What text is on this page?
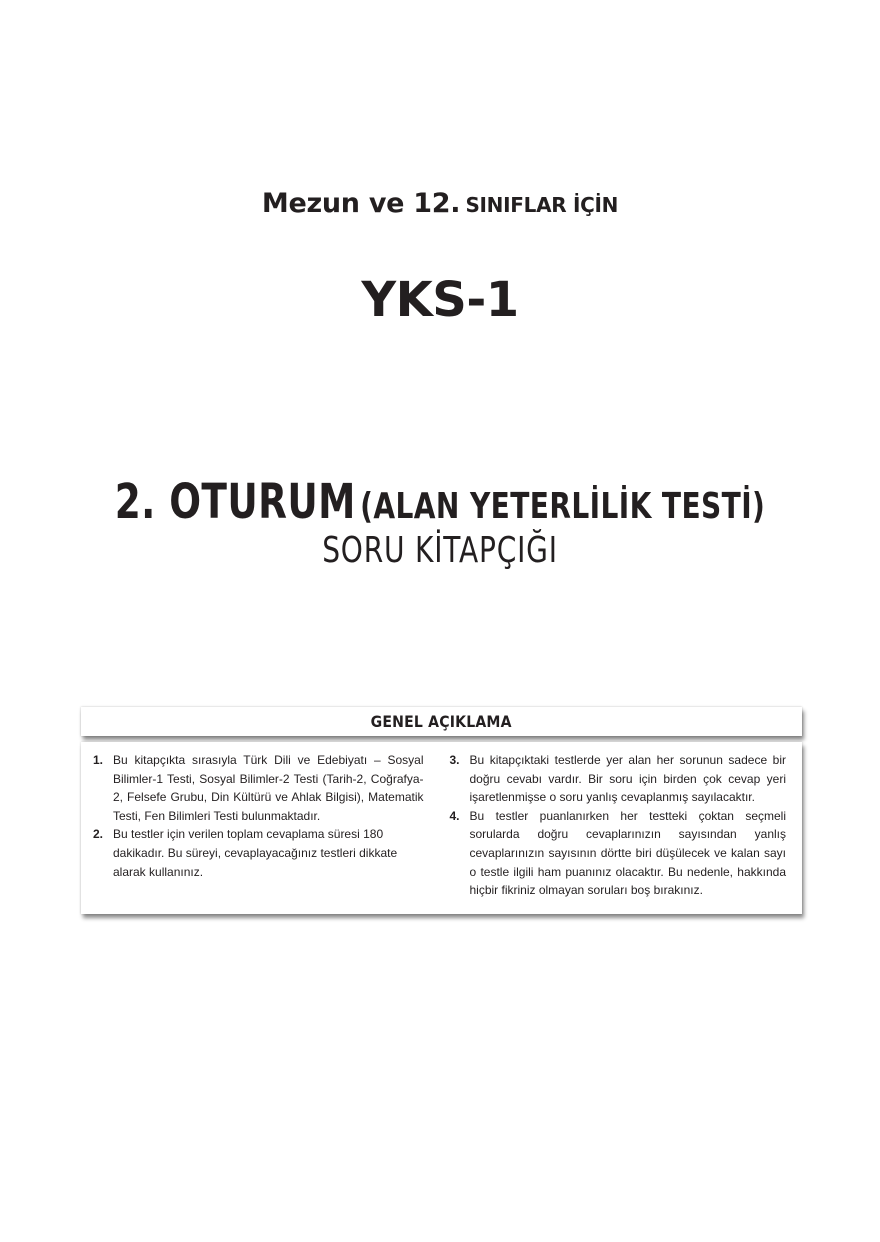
Mezun ve 12. SINIFLAR İÇİN
YKS-1
2. OTURUM (ALAN YETERLİLİK TESTİ)
SORU KİTAPÇIĞI
GENEL AÇIKLAMA
1. Bu kitapçıkta sırasıyla Türk Dili ve Edebiyatı – Sosyal Bilimler-1 Testi, Sosyal Bilimler-2 Testi (Tarih-2, Coğrafya-2, Felsefe Grubu, Din Kültürü ve Ahlak Bilgisi), Matematik Testi, Fen Bilimleri Testi bulunmaktadır.
2. Bu testler için verilen toplam cevaplama süresi 180 dakikadır. Bu süreyi, cevaplayacağınız testleri dikkate alarak kullanınız.
3. Bu kitapçıktaki testlerde yer alan her sorunun sadece bir doğru cevabı vardır. Bir soru için birden çok cevap yeri işaretlenmişse o soru yanlış cevaplanmış sayılacaktır.
4. Bu testler puanlanırken her testteki çoktan seçmeli sorularda doğru cevaplarınızın sayısından yanlış cevaplarınızın sayısının dörtte biri düşülecek ve kalan sayı o testle ilgili ham puanınız olacaktır. Bu nedenle, hakkında hiçbir fikriniz olmayan soruları boş bırakınız.
